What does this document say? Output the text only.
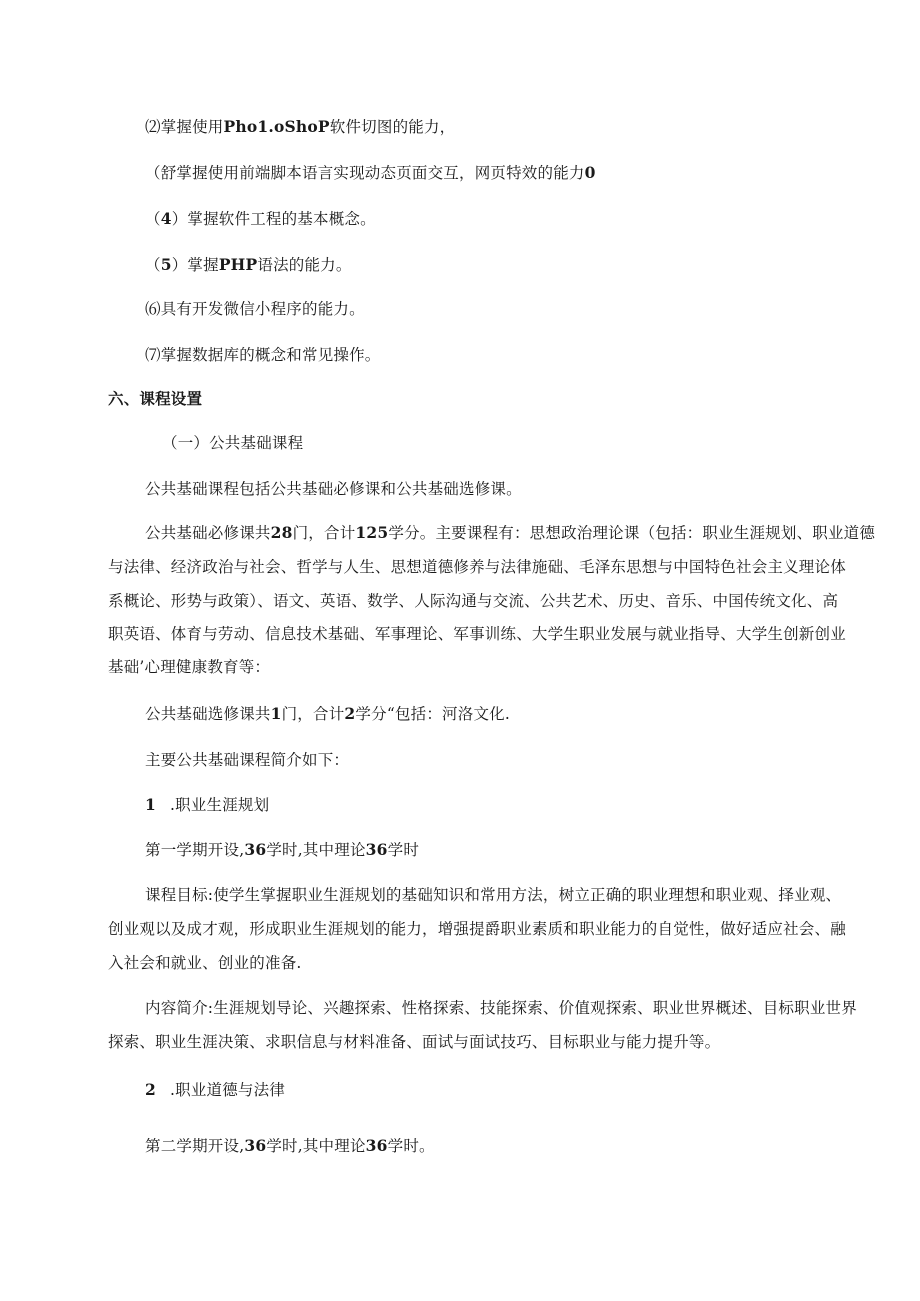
⑵掌握使用Pho1.oShoP软件切图的能力，
（舒掌握使用前端脚本语言实现动态页面交互，网页特效的能力0
（4）掌握软件工程的基本概念。
（5）掌握PHP语法的能力。
⑹具有开发微信小程序的能力。
⑺掌握数据库的概念和常见操作。
六、课程设置
（一）公共基础课程
公共基础课程包括公共基础必修课和公共基础选修课。
公共基础必修课共28门，合计125学分。主要课程有：思想政治理论课（包括：职业生涯规划、职业道德
与法律、经济政治与社会、哲学与人生、思想道德修养与法律施础、毛泽东思想与中国特色社会主义理论体
系概论、形势与政策）、语文、英语、数学、人际沟通与交流、公共艺术、历史、音乐、中国传统文化、高
职英语、体育与劳动、信息技术基础、军事理论、军事训练、大学生职业发展与就业指导、大学生创新创业
基础’心理健康教育等：
公共基础选修课共1门，合计2学分“包括：河洛文化.
主要公共基础课程简介如下：
1 .职业生涯规划
第一学期开设,36学时,其中理论36学时
课程目标:使学生掌握职业生涯规划的基础知识和常用方法，树立正确的职业理想和职业观、择业观、
创业观以及成才观，形成职业生涯规划的能力，增强提爵职业素质和职业能力的自觉性，做好适应社会、融
入社会和就业、创业的准备.
内容简介:生涯规划导论、兴趣探索、性格探索、技能探索、价值观探索、职业世界概述、目标职业世界
探索、职业生涯决策、求职信息与材料准备、面试与面试技巧、目标职业与能力提升等。
2 .职业道德与法律
第二学期开设,36学时,其中理论36学时。
